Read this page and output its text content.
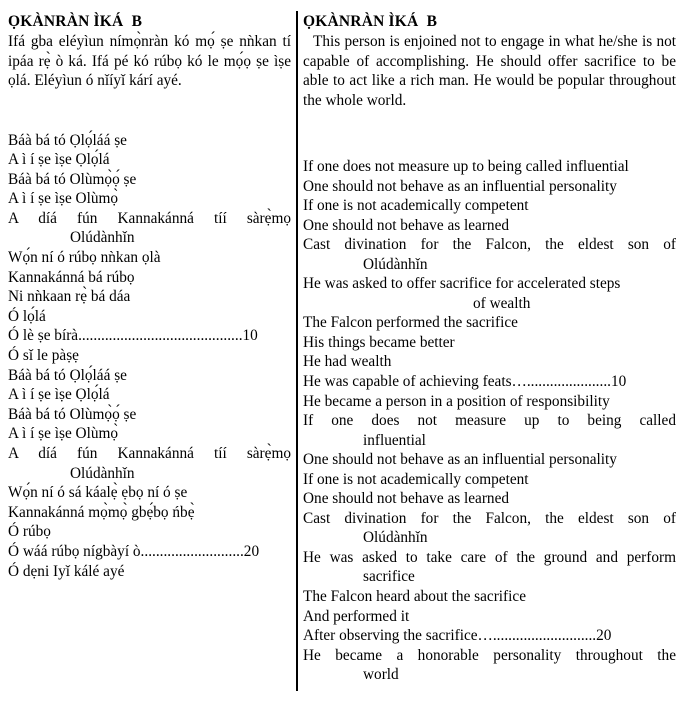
ỌKÀNRÀN ÌKÁ  B

Ifá gba eléyìun nímọ̀nràn kó mọ́ ṣe nǹkan tí ipáa rẹ̀ ò ká. Ifá pé kó rúbọ kó le mọ́ọ ṣe ìṣe ọlá. Eléyìun ó nǐíyǐ kárí ayé.

Báà bá tó Ọlọ́láá ṣe
A ì í ṣe ìṣe Ọlọ́lá
Báà bá tó Olùmọ̀ọ́ ṣe
A ì í ṣe ìṣe Olùmọ̀
A díá fún Kannakánná tíí sàrẹ̀mọ
Olúdànhǐn
Wọ́n ní ó rúbọ nǹkan ọlà
Kannakánná bá rúbọ
Ni nǹkaan rẹ̀ bá dáa
Ó lọ́lá
Ó lè ṣe bírà...........................................10
Ó sǐ le pàṣẹ
Báà bá tó Ọlọ́láá ṣe
A ì í ṣe ìṣe Ọlọ́lá
Báà bá tó Olùmọ̀ọ́ ṣe
A ì í ṣe ìṣe Olùmọ̀
A díá fún Kannakánná tíí sàrẹ̀mọ
Olúdànhǐn
Wọ́n ní ó sá káalẹ̀ ẹbọ ní ó ṣe
Kannakánná mọ̀mọ̀ gbẹ́bọ ńbẹ̀
Ó rúbọ
Ó wáá rúbọ nígbàyí ò...........................20
Ó dẹni Iyǐ kálé ayé
ỌKÀNRÀN ÌKÁ  B

This person is enjoined not to engage in what he/she is not capable of accomplishing. He should offer sacrifice to be able to act like a rich man. He would be popular throughout the whole world.

If one does not measure up to being called influential
One should not behave as an influential personality
If one is not academically competent
One should not behave as learned
Cast divination for the Falcon, the eldest son of
Olúdànhǐn
He was asked to offer sacrifice for accelerated steps
of wealth
The Falcon performed the sacrifice
His things became better
He had wealth
He was capable of achieving feats…......................10
He became a person in a position of responsibility
If one does not measure up to being called
influential
One should not behave as an influential personality
If one is not academically competent
One should not behave as learned
Cast divination for the Falcon, the eldest son of
Olúdànhǐn
He was asked to take care of the ground and perform
sacrifice
The Falcon heard about the sacrifice
And performed it
After observing the sacrifice…...........................20
He became a honorable personality throughout the
world
